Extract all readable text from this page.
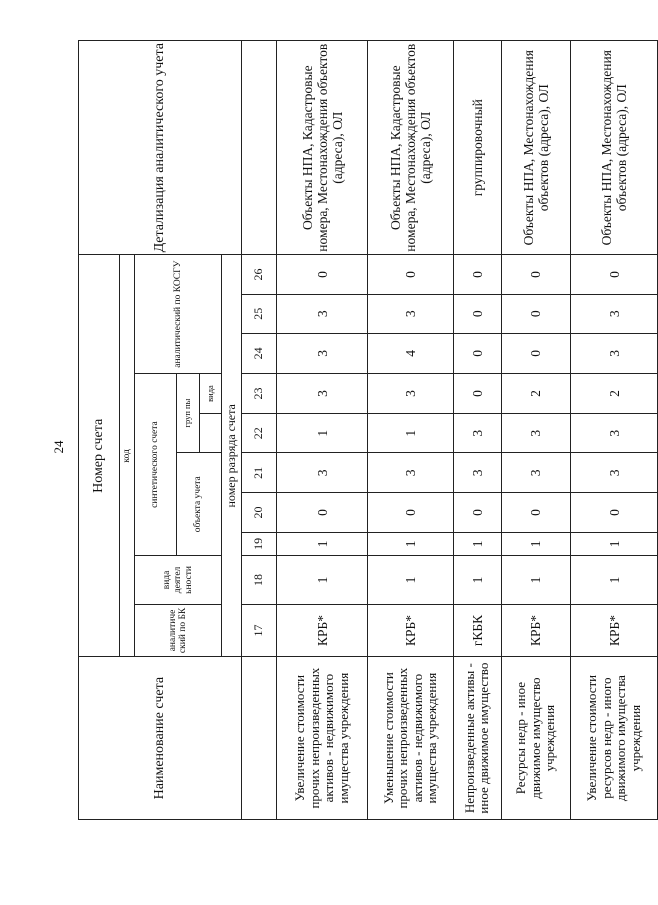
24
Наименование счета	Номер счета										Детализация аналитического учета
	код										
	аналитиче ский по БК	вида деятел ьности	синтетического счета					аналитический по КОСГУ			
			объекта учета			груп пы					
							вида				
	номер разряда счета										
	17	18	19	20	21	22	23	24	25	26	
Увеличение стоимости прочих непроизведенных активов - недвижимого имущества учреждения	КРБ*	1	1	0	3	1	3	3	3	0	Объекты НПА, Кадастровые номера, Местонахождения объектов (адреса), ОЛ
Уменьшение стоимости прочих непроизведенных активов - недвижимого имущества учреждения	КРБ*	1	1	0	3	1	3	4	3	0	Объекты НПА, Кадастровые номера, Местонахождения объектов (адреса), ОЛ
Непроизведенные активы - иное движимое имущество	гКБК	1	1	0	3	3	0	0	0	0	группировочный
Ресурсы недр - иное движимое имущество учреждения	КРБ*	1	1	0	3	3	2	0	0	0	Объекты НПА, Местонахождения объектов (адреса), ОЛ
Увеличение стоимости ресурсов недр - иного движимого имущества учреждения	КРБ*	1	1	0	3	3	2	3	3	0	Объекты НПА, Местонахождения объектов (адреса), ОЛ
